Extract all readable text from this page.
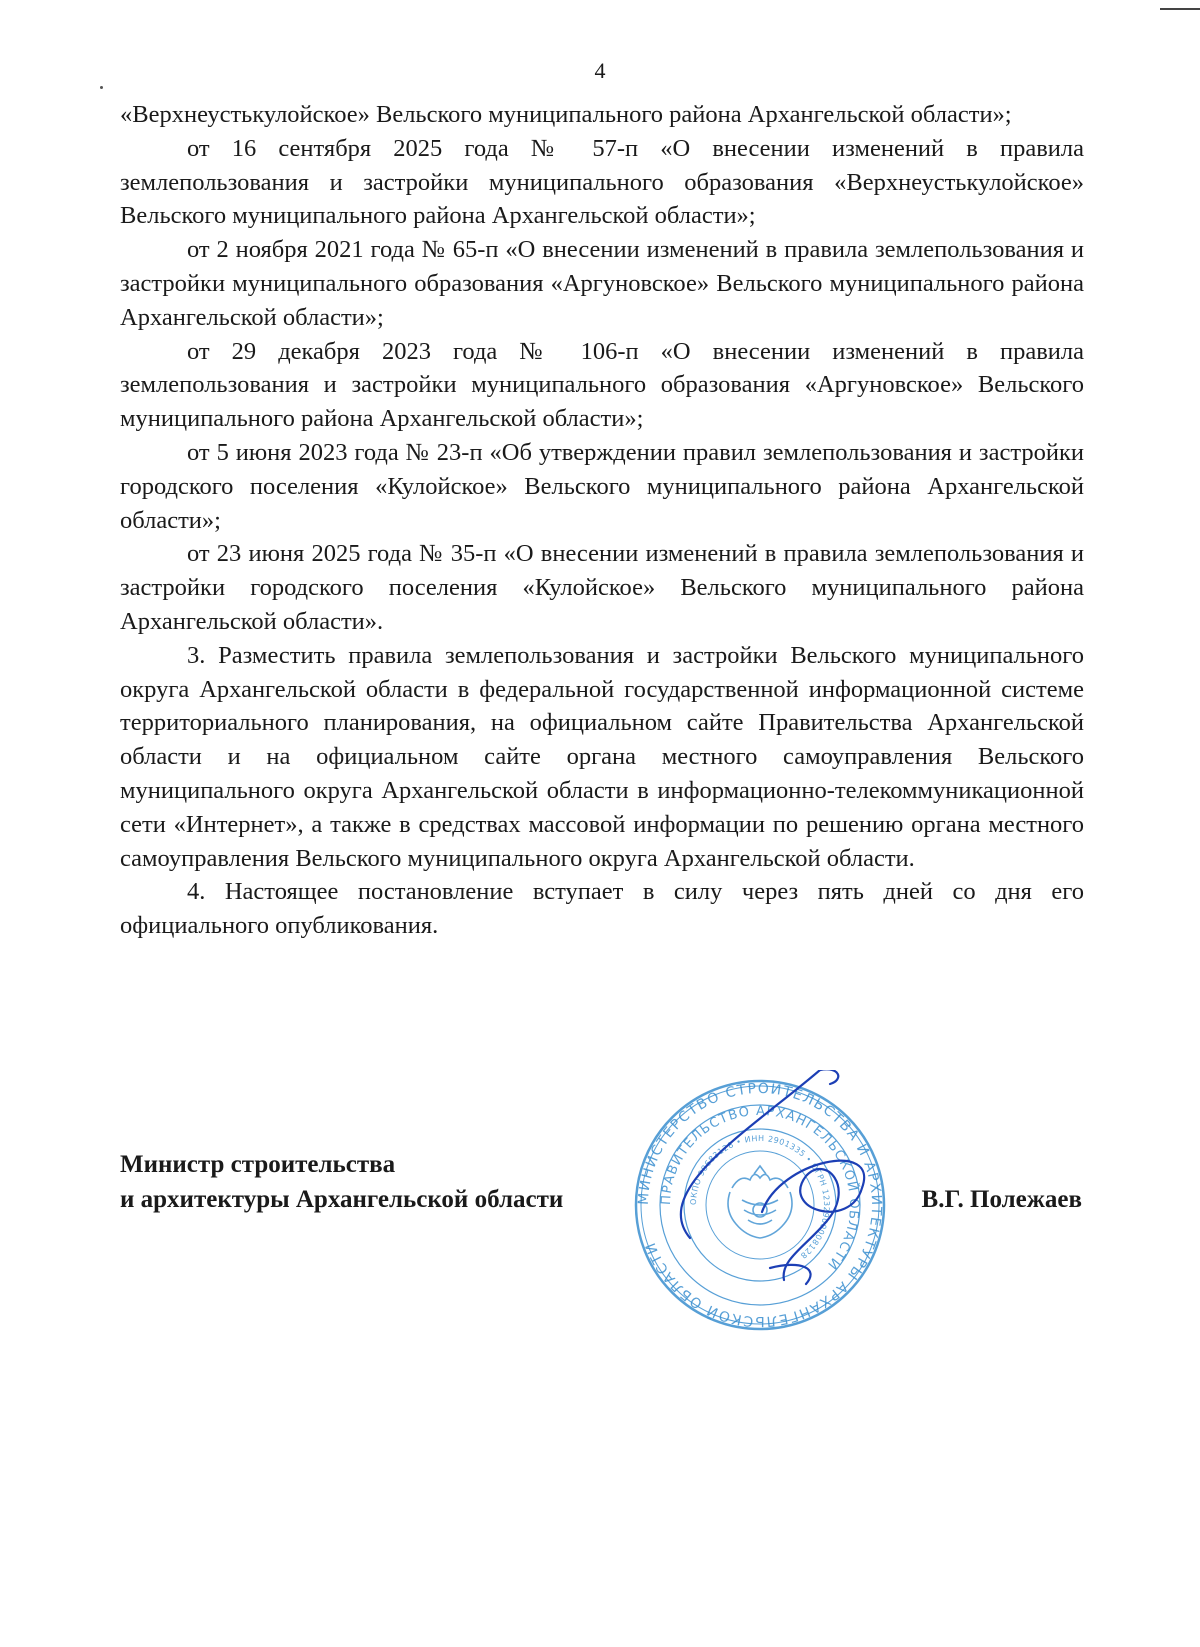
4

«Верхнеустькулойское» Вельского муниципального района Архангельской области»;

от 16 сентября 2025 года № 57-п «О внесении изменений в правила землепользования и застройки муниципального образования «Верхнеустькулойское» Вельского муниципального района Архангельской области»;

от 2 ноября 2021 года № 65-п «О внесении изменений в правила землепользования и застройки муниципального образования «Аргуновское» Вельского муниципального района Архангельской области»;

от 29 декабря 2023 года № 106-п «О внесении изменений в правила землепользования и застройки муниципального образования «Аргуновское» Вельского муниципального района Архангельской области»;

от 5 июня 2023 года № 23-п «Об утверждении правил землепользования и застройки городского поселения «Кулойское» Вельского муниципального района Архангельской области»;

от 23 июня 2025 года № 35-п «О внесении изменений в правила землепользования и застройки городского поселения «Кулойское» Вельского муниципального района Архангельской области».

3. Разместить правила землепользования и застройки Вельского муниципального округа Архангельской области в федеральной государственной информационной системе территориального планирования, на официальном сайте Правительства Архангельской области и на официальном сайте органа местного самоуправления Вельского муниципального округа Архангельской области в информационно-телекоммуникационной сети «Интернет», а также в средствах массовой информации по решению органа местного самоуправления Вельского муниципального округа Архангельской области.

4. Настоящее постановление вступает в силу через пять дней со дня его официального опубликования.

Министр строительства
и архитектуры Архангельской области	В.Г. Полежаев
МИНИСТЕРСТВО СТРОИТЕЛЬСТВА И АРХИТЕКТУРЫ АРХАНГЕЛЬСКОЙ ОБЛАСТИ
ПРАВИТЕЛЬСТВО АРХАНГЕЛЬСКОЙ ОБЛАСТИ
ОКПО 98683128 • ИНН 2901335 • ОГРН 1232900008128
